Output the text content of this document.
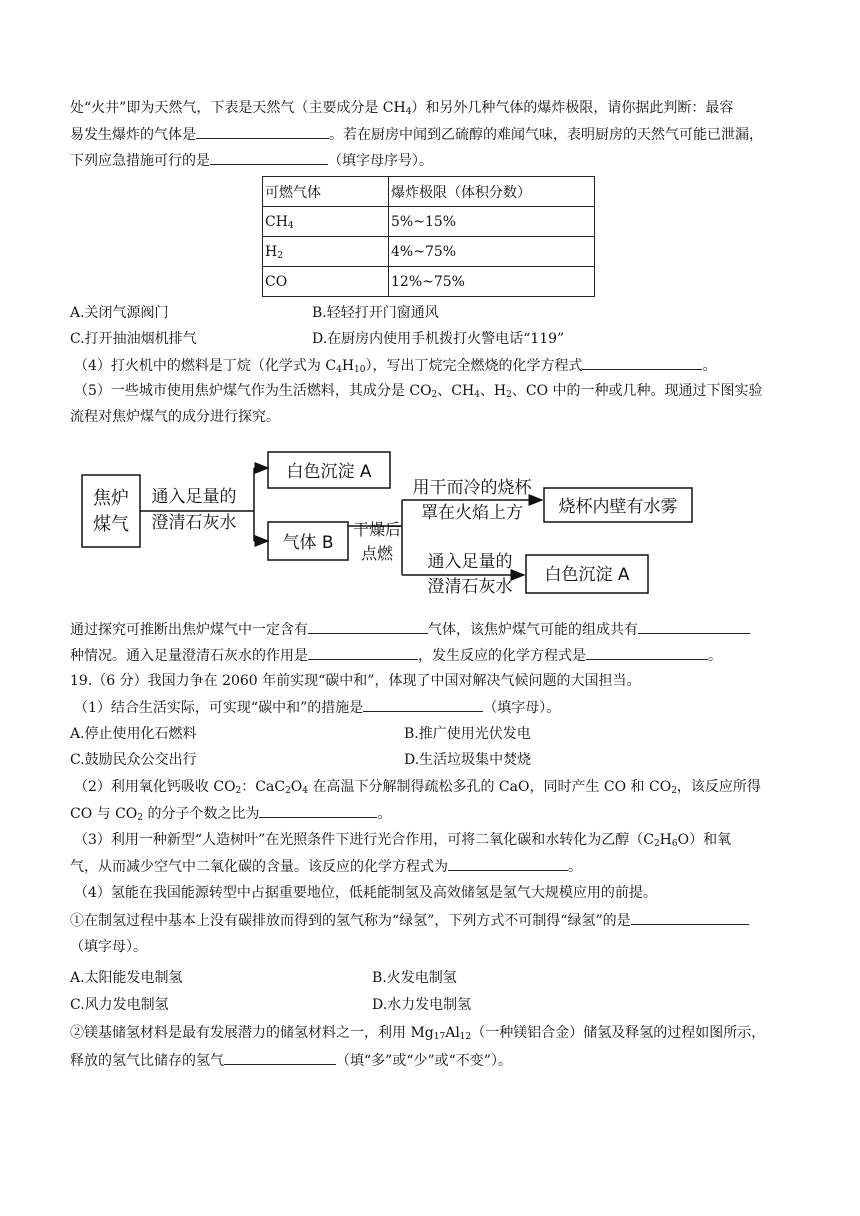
处“火井”即为天然气，下表是天然气（主要成分是 $CH_4$）和另外几种气体的爆炸极限，请你据此判断：最容
易发生爆炸的气体是	。若在厨房中闻到乙硫醇的难闻气味，表明厨房的天然气可能已泄漏，
下列应急措施可行的是	（填字母序号）。
可燃气体	爆炸极限（体积分数）
$CH_4$	5%~15%
$H_2$	4%~75%
CO	12%~75%
A.关闭气源阀门	B.轻轻打开门窗通风
C.打开抽油烟机排气	D.在厨房内使用手机拨打火警电话“119”
（4）打火机中的燃料是丁烷（化学式为 $C_4H_{10}$），写出丁烷完全燃烧的化学方程式	。
（5）一些城市使用焦炉煤气作为生活燃料，其成分是 $CO_2$、$CH_4$、$H_2$、CO 中的一种或几种。现通过下图实验
流程对焦炉煤气的成分进行探究。
焦炉
煤气
通入足量的
澄清石灰水
白色沉淀 A
气体 B
干燥后
点燃
用干而冷的烧杯
罩在火焰上方
通入足量的
澄清石灰水
烧杯内壁有水雾
白色沉淀 A
通过探究可推断出焦炉煤气中一定含有	气体，该焦炉煤气可能的组成共有
种情况。通入足量澄清石灰水的作用是	，发生反应的化学方程式是	。
19.（6 分）我国力争在 2060 年前实现“碳中和”，体现了中国对解决气候问题的大国担当。
（1）结合生活实际，可实现“碳中和”的措施是	（填字母）。
A.停止使用化石燃料	B.推广使用光伏发电
C.鼓励民众公交出行	D.生活垃圾集中焚烧
（2）利用氧化钙吸收 $CO_2$：$CaC_2O_4$ 在高温下分解制得疏松多孔的 CaO，同时产生 CO 和 $CO_2$，该反应所得
CO 与 $CO_2$ 的分子个数之比为	。
（3）利用一种新型“人造树叶”在光照条件下进行光合作用，可将二氧化碳和水转化为乙醇$(C_2H_6O)$和氧
气，从而减少空气中二氧化碳的含量。该反应的化学方程式为	。
（4）氢能在我国能源转型中占据重要地位，低耗能制氢及高效储氢是氢气大规模应用的前提。
①在制氢过程中基本上没有碳排放而得到的氢气称为“绿氢”，下列方式不可制得“绿氢”的是
（填字母）。
A.太阳能发电制氢	B.火发电制氢
C.风力发电制氢	D.水力发电制氢
②镁基储氢材料是最有发展潜力的储氢材料之一，利用 $Mg_{17}Al_{12}$（一种镁铝合金）储氢及释氢的过程如图所示，
释放的氢气比储存的氢气	（填“多”或“少”或“不变”）。
